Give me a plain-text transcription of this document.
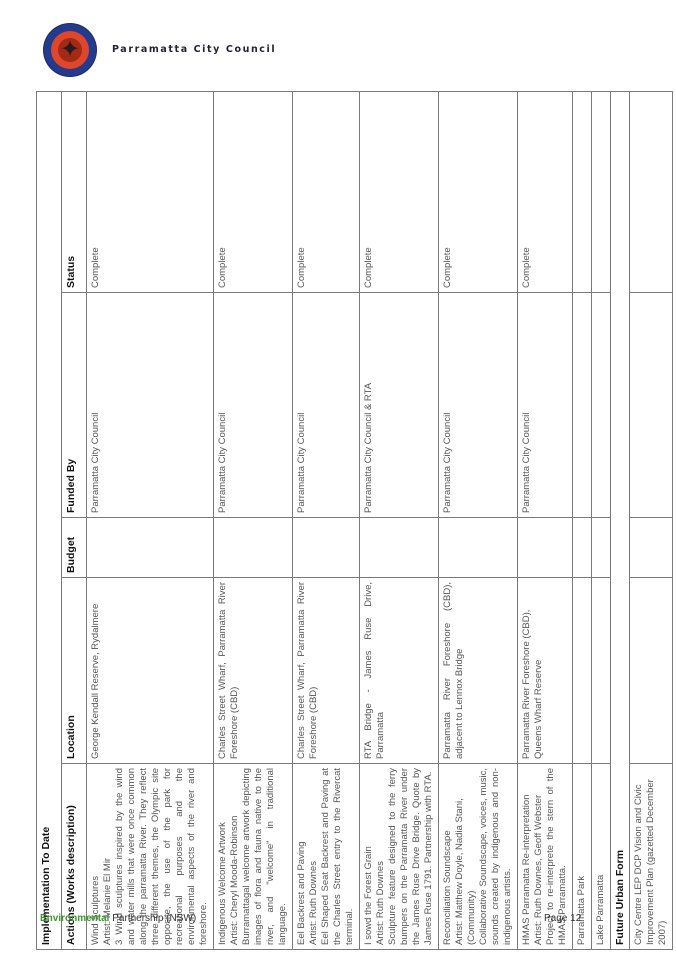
✦	Parramatta City Council
Implementation To Date				
Actions (Works description)	Location	Budget	Funded By	Status

Wind Sculptures Artist: Melanie El Mir 3 Wind sculptures inspired by the wind and water mills that were once common along the parramatta River. They reflect three different themes, the Olympic site opposite, the use of the park for recreational purposes and the environmental aspects of the river and foreshore.	George Kendall Reserve, Rydalmere		Parramatta City Council	Complete

Indigenous Welcome Artwork Artist: Cheryl Mooda-Robinson Burramattagal welcome artwork depicting images of flora and fauna native to the river, and "welcome" in traditional language.	Charles Street Wharf, Parramatta River Foreshore (CBD)		Parramatta City Council	Complete

Eel Backrest and Paving Artist: Ruth Downes Eel Shaped Seat Backrest and Paving at the Charles Street entry to the Rivercat terminal.	Charles Street Wharf, Parramatta River Foreshore (CBD)		Parramatta City Council	Complete

I sowd the Forest Grain Artist: Ruth Downes Sculpture feature designed to the ferry bumpers on the Parramatta River under the James Ruse Drive Bridge. Quote by James Ruse 1791. Partnership with RTA.	RTA Bridge - James Ruse Drive, Parramatta		Parramatta City Council & RTA	Complete

Reconciliation Soundscape Artist: Matthew Doyle, Nadia Stani, (Community) Collaborative Soundscape, voices, music, sounds created by indigenous and non-indigenous artists.	Parramatta River Foreshore (CBD), adjacent to Lennox Bridge		Parramatta City Council	Complete

HMAS Parramatta Re-interpretation Artist: Ruth Downes, Geoff Webster Project to re-interprete the stern of the HMAS Parramatta.	Parramatta River Foreshore (CBD), Queens Wharf Reserve		Parramatta City Council	Complete
Parramatta Park				
Lake Parramatta				
Future Urban Form				
City Centre LEP DCP Vision and Civic Improvement Plan (gazetted December 2007)				
Environmental Partnership (NSW)	Page 12
